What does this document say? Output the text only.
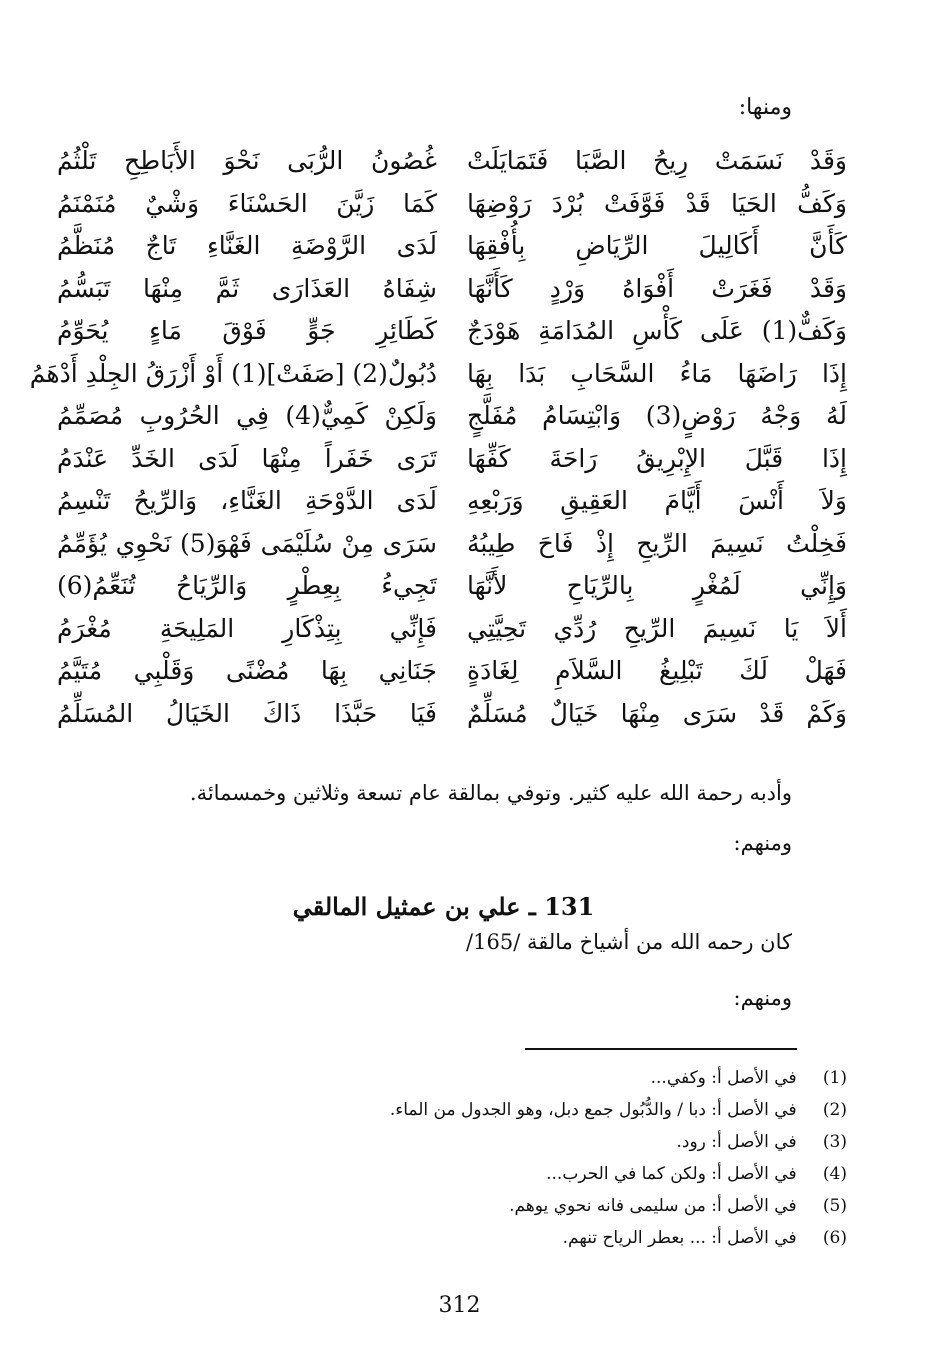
ومنها:
وَقَدْ نَسَمَتْ رِيحُ الصَّبَا فَتَمَايَلَتْ
وَكَفُّ الحَيَا قَدْ فَوَّفَتْ بُرْدَ رَوْضِهَا
كَأَنَّ أَكَالِيلَ الرِّيَاضِ بِأُفْقِهَا
وَقَدْ فَغَرَتْ أَفْوَاهُ وَرْدٍ كَأَنَّهَا
وَكَفٌّ(1) عَلَى كَأْسِ المُدَامَةِ هَوْدَجٌ
إِذَا رَاضَهَا مَاءُ السَّحَابِ بَدَا بِهَا
لَهُ وَجْهُ رَوْضٍ(3) وَابْتِسَامُ مُفَلَّجٍ
إِذَا قَبَّلَ الإِبْرِيقُ رَاحَةَ كَفِّهَا
وَلاَ أَنْسَ أَيَّامَ العَقِيقِ وَرَبْعِهِ
فَخِلْتُ نَسِيمَ الرِّيحِ إِذْ فَاحَ طِيبُهُ
وَإِنِّي لَمُغْرٍ بِالرِّيَاحِ لأَنَّهَا
أَلاَ يَا نَسِيمَ الرِّيحِ رُدِّي تَحِيَّتِي
فَهَلْ لَكَ تَبْلِيغُ السَّلاَمِ لِغَادَةٍ
وَكَمْ قَدْ سَرَى مِنْهَا خَيَالٌ مُسَلِّمٌ
غُصُونُ الرُّبَى نَحْوَ الأَبَاطِحِ تَلْثُمُ
كَمَا زَيَّنَ الحَسْنَاءَ وَشْيٌ مُنَمْنَمُ
لَدَى الرَّوْضَةِ الغَنَّاءِ تَاجٌ مُنَظَّمُ
شِفَاهُ العَذَارَى ثَمَّ مِنْهَا تَبَسُّمُ
كَطَائِرِ جَوٍّ فَوْقَ مَاءٍ يُحَوِّمُ
دُبُولٌ(2) [صَفَتْ](1) أَوْ أَزْرَقُ الجِلْدِ أَدْهَمُ
وَلَكِنْ كَمِيٌّ(4) فِي الحُرُوبِ مُصَمِّمُ
تَرَى خَفَراً مِنْهَا لَدَى الخَدِّ عَنْدَمُ
لَدَى الدَّوْحَةِ الغَنَّاءِ، وَالرِّيحُ تَنْسِمُ
سَرَى مِنْ سُلَيْمَى فَهْوَ(5) نَحْوِي يُؤَمِّمُ
تَجِيءُ بِعِطْرٍ وَالرِّيَاحُ تُنَعِّمُ(6)
فَإِنِّي بِتِذْكَارِ المَلِيحَةِ مُغْرَمُ
جَنَانِي بِهَا مُضْنًى وَقَلْبِي مُتَيَّمُ
فَيَا حَبَّذَا ذَاكَ الخَيَالُ المُسَلِّمُ
وأدبه رحمة الله عليه كثير. وتوفي بمالقة عام تسعة وثلاثين وخمسمائة.
ومنهم:
131 ـ علي بن عمثيل المالقي
كان رحمه الله من أشياخ مالقة /165/
ومنهم:
(1) في الأصل أ: وكفي...
(2) في الأصل أ: دبا / والدُّبُول جمع دبل، وهو الجدول من الماء.
(3) في الأصل أ: رود.
(4) في الأصل أ: ولكن كما في الحرب...
(5) في الأصل أ: من سليمى فانه نحوي يوهم.
(6) في الأصل أ: ... بعطر الرياح تنهم.
312
